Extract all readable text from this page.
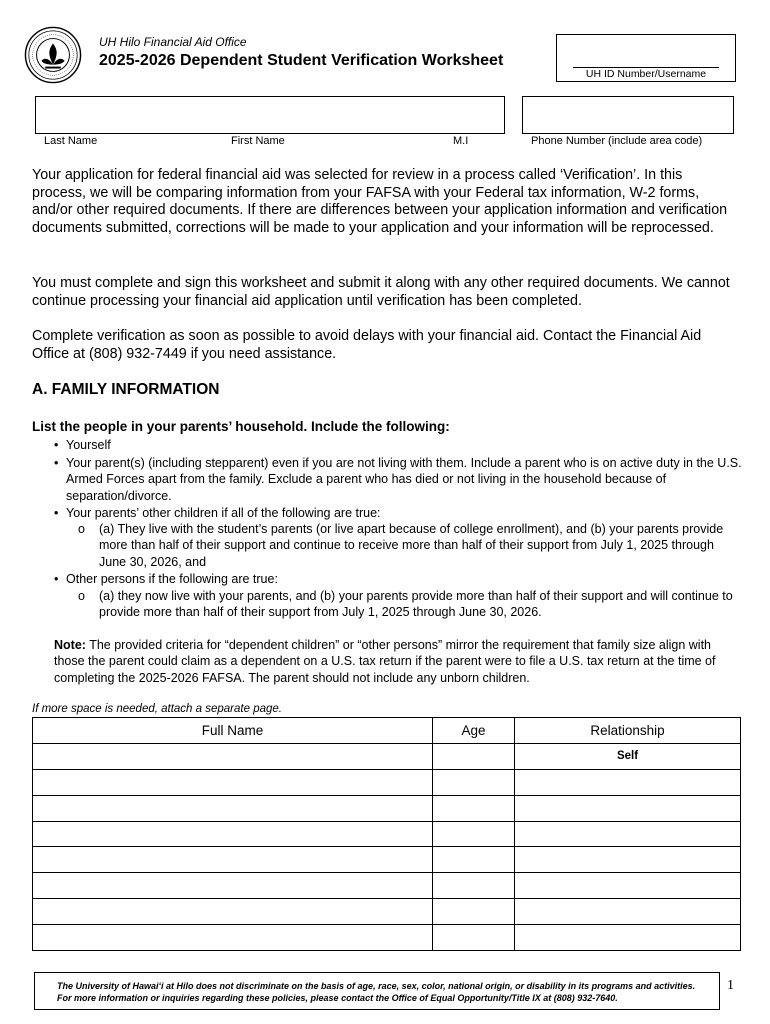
UH Hilo Financial Aid Office
2025-2026 Dependent Student Verification Worksheet
UH ID Number/Username
Last Name	First Name	M.I	Phone Number (include area code)
Your application for federal financial aid was selected for review in a process called ‘Verification’. In this process, we will be comparing information from your FAFSA with your Federal tax information, W-2 forms, and/or other required documents. If there are differences between your application information and verification documents submitted, corrections will be made to your application and your information will be reprocessed.
You must complete and sign this worksheet and submit it along with any other required documents. We cannot continue processing your financial aid application until verification has been completed.
Complete verification as soon as possible to avoid delays with your financial aid. Contact the Financial Aid Office at (808) 932-7449 if you need assistance.
A. FAMILY INFORMATION
List the people in your parents’ household. Include the following:
• Yourself
• Your parent(s) (including stepparent) even if you are not living with them. Include a parent who is on active duty in the U.S. Armed Forces apart from the family. Exclude a parent who has died or not living in the household because of separation/divorce.
• Your parents’ other children if all of the following are true:
o (a) They live with the student’s parents (or live apart because of college enrollment), and (b) your parents provide more than half of their support and continue to receive more than half of their support from July 1, 2025 through June 30, 2026, and
• Other persons if the following are true:
o (a) they now live with your parents, and (b) your parents provide more than half of their support and will continue to provide more than half of their support from July 1, 2025 through June 30, 2026.
Note: The provided criteria for “dependent children” or “other persons” mirror the requirement that family size align with those the parent could claim as a dependent on a U.S. tax return if the parent were to file a U.S. tax return at the time of completing the 2025-2026 FAFSA. The parent should not include any unborn children.
If more space is needed, attach a separate page.
Full Name	Age	Relationship
		Self

The University of Hawaiʻi at Hilo does not discriminate on the basis of age, race, sex, color, national origin, or disability in its programs and activities. For more information or inquiries regarding these policies, please contact the Office of Equal Opportunity/Title IX at (808) 932-7640.
1
